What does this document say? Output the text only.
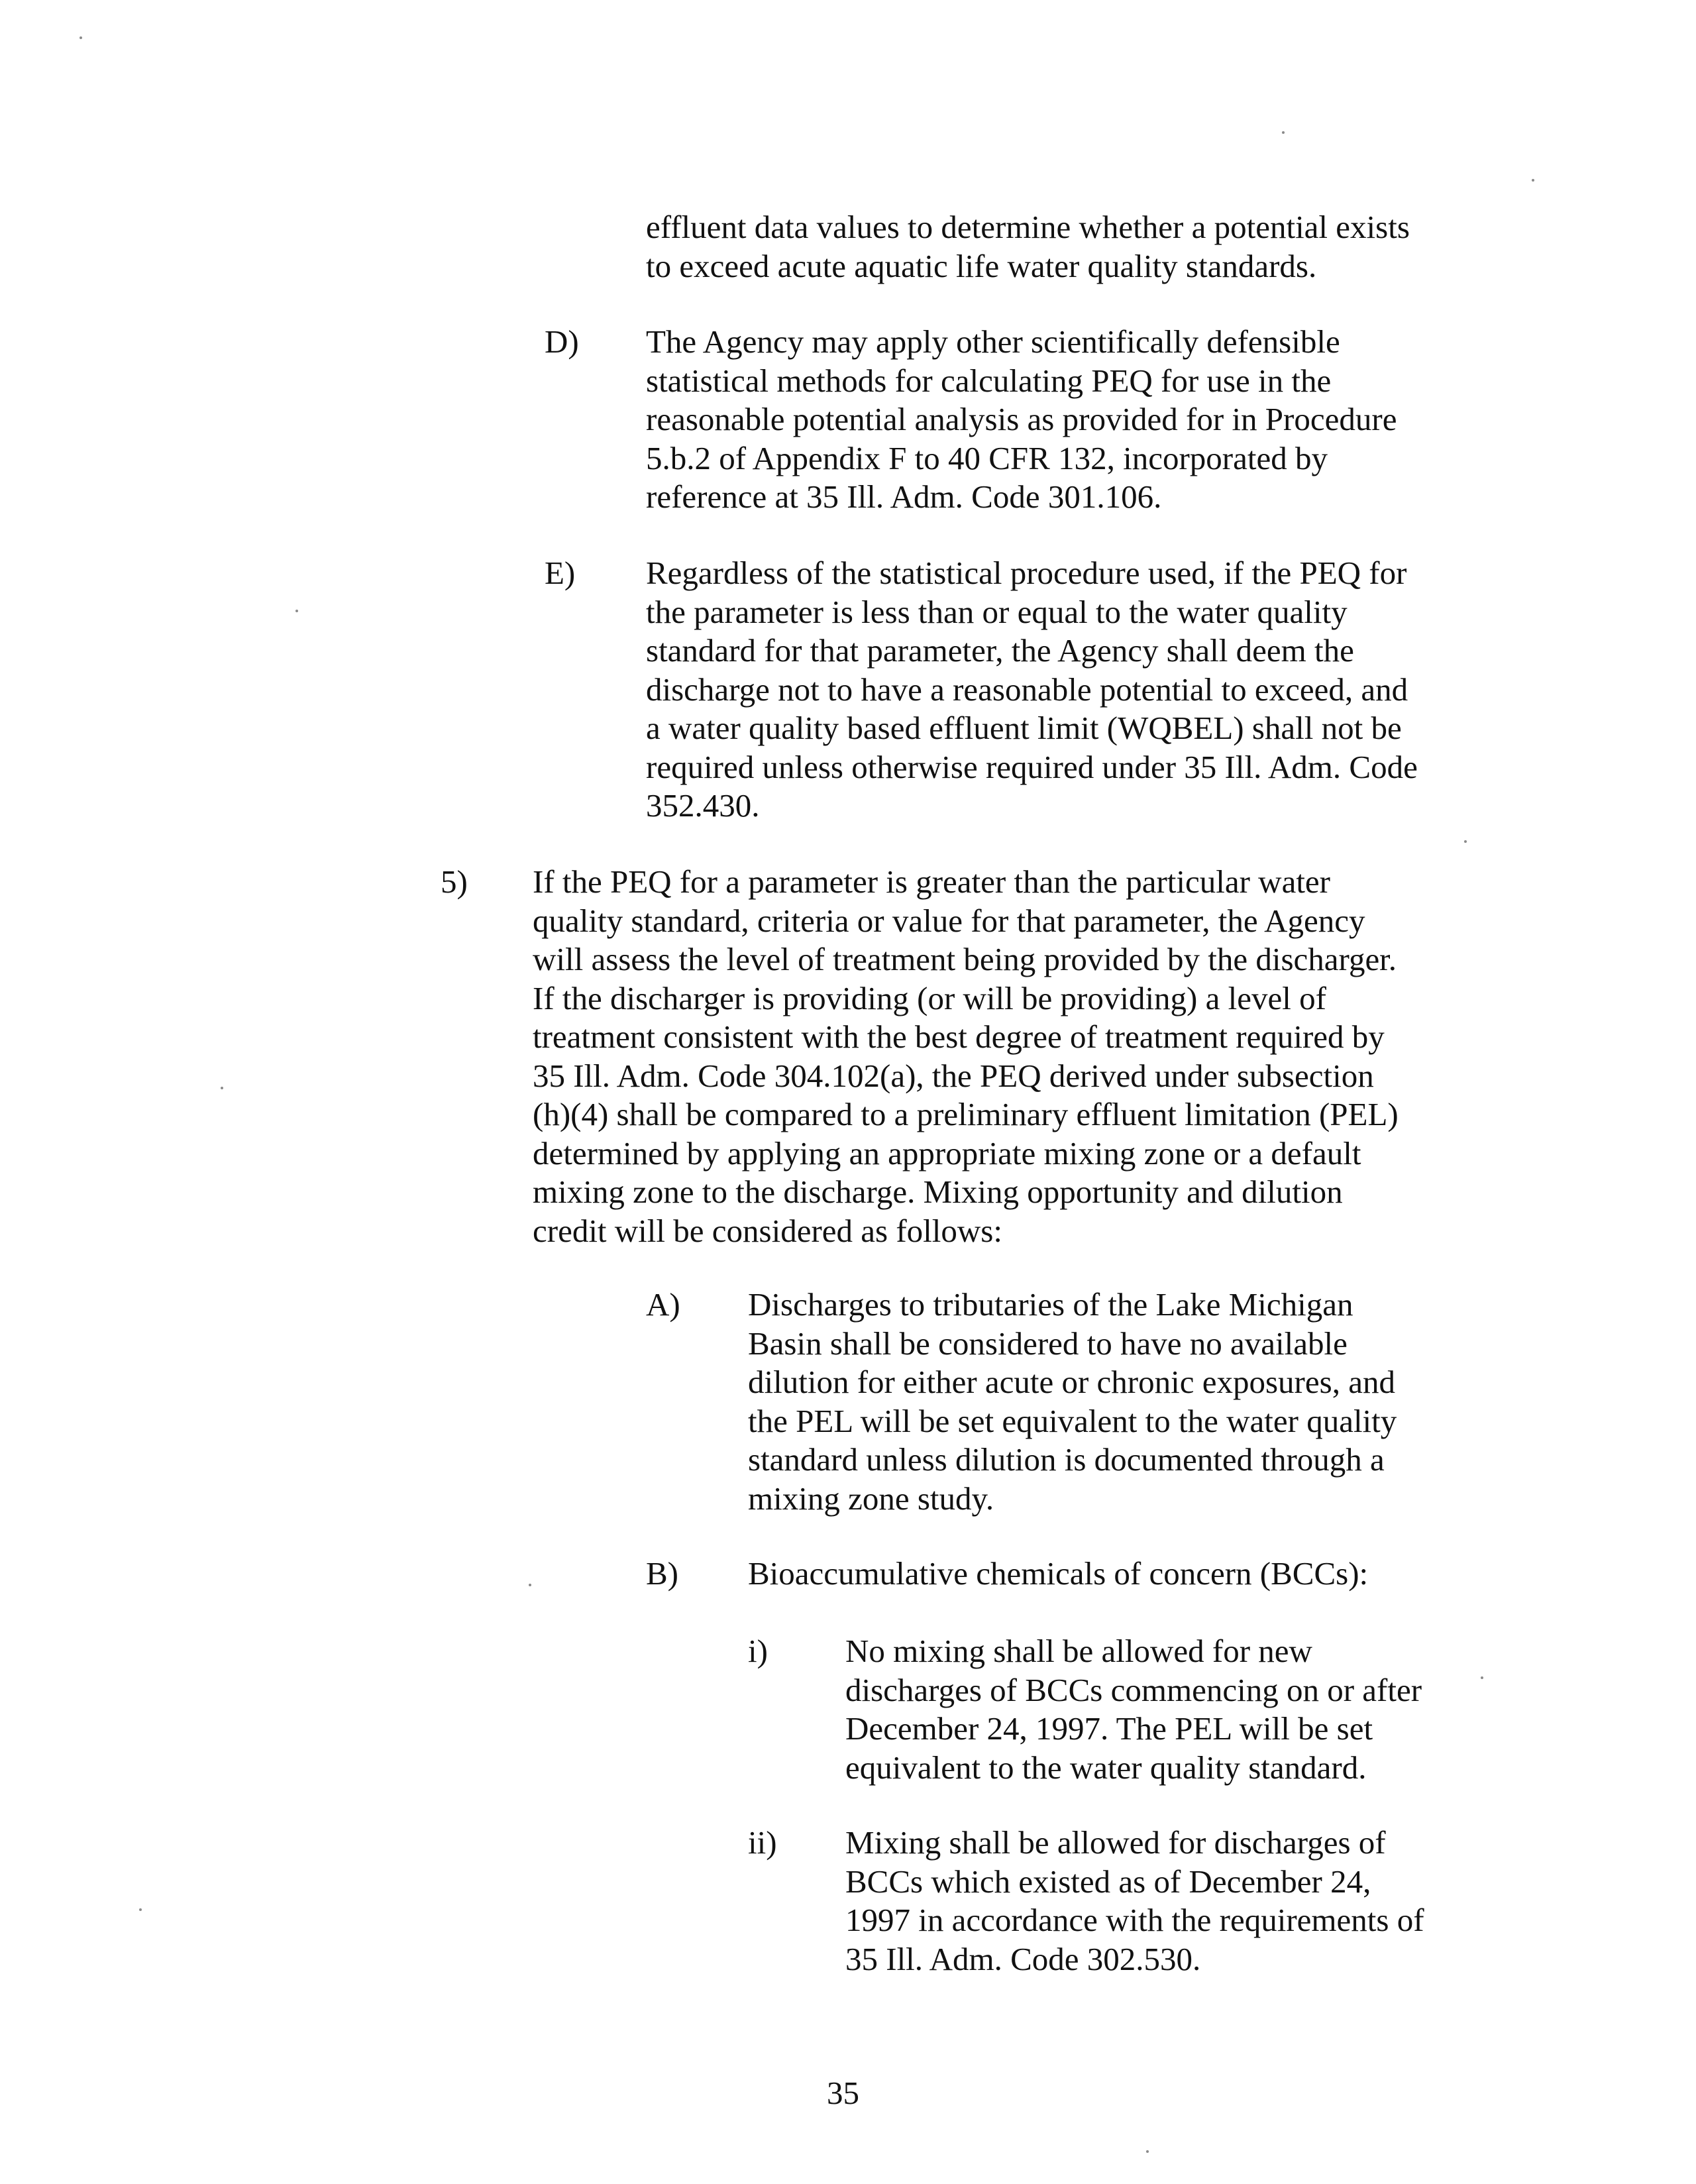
effluent data values to determine whether a potential exists
to exceed acute aquatic life water quality standards.
D) The Agency may apply other scientifically defensible
statistical methods for calculating PEQ for use in the
reasonable potential analysis as provided for in Procedure
5.b.2 of Appendix F to 40 CFR 132, incorporated by
reference at 35 Ill. Adm. Code 301.106.
E) Regardless of the statistical procedure used, if the PEQ for
the parameter is less than or equal to the water quality
standard for that parameter, the Agency shall deem the
discharge not to have a reasonable potential to exceed, and
a water quality based effluent limit (WQBEL) shall not be
required unless otherwise required under 35 Ill. Adm. Code
352.430.
5) If the PEQ for a parameter is greater than the particular water
quality standard, criteria or value for that parameter, the Agency
will assess the level of treatment being provided by the discharger.
If the discharger is providing (or will be providing) a level of
treatment consistent with the best degree of treatment required by
35 Ill. Adm. Code 304.102(a), the PEQ derived under subsection
(h)(4) shall be compared to a preliminary effluent limitation (PEL)
determined by applying an appropriate mixing zone or a default
mixing zone to the discharge. Mixing opportunity and dilution
credit will be considered as follows:
A) Discharges to tributaries of the Lake Michigan
Basin shall be considered to have no available
dilution for either acute or chronic exposures, and
the PEL will be set equivalent to the water quality
standard unless dilution is documented through a
mixing zone study.
B) Bioaccumulative chemicals of concern (BCCs):
i) No mixing shall be allowed for new
discharges of BCCs commencing on or after
December 24, 1997. The PEL will be set
equivalent to the water quality standard.
ii) Mixing shall be allowed for discharges of
BCCs which existed as of December 24,
1997 in accordance with the requirements of
35 Ill. Adm. Code 302.530.
35
